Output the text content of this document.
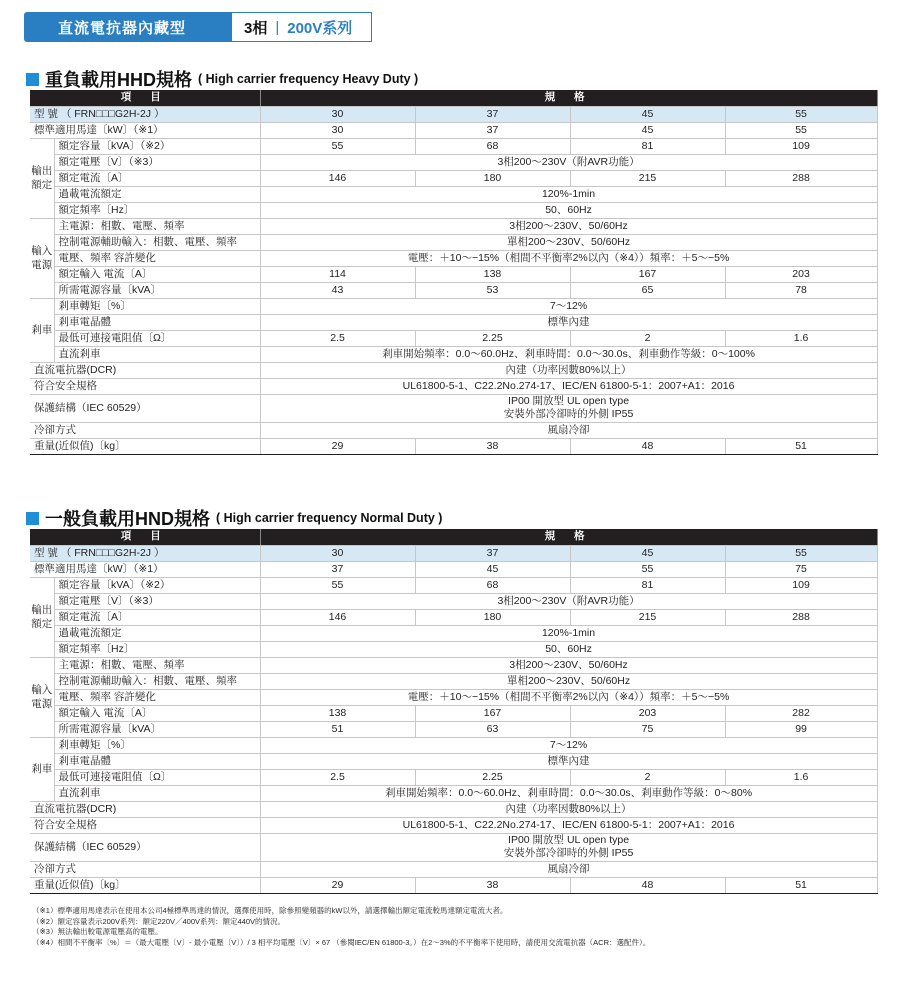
直流電抗器內藏型	3相 | 200V系列
重負載用HHD規格 ( High carrier frequency Heavy Duty )
項 目		規 格			
型 號 （ FRN□□□G2H-2J ）		30	37	45	55
標準適用馬達〔kW〕（※1）		30	37	45	55
輸出額定	額定容量〔kVA〕（※2）	55	68	81	109
	額定電壓〔V〕（※3）	3相200～230V（附AVR功能）			
	額定電流〔A〕	146	180	215	288
	過載電流額定	120%-1min			
	額定頻率〔Hz〕	50、60Hz			
輸入電源	主電源：相數、電壓、頻率	3相200～230V、50/60Hz			
	控制電源輔助輸入：相數、電壓、頻率	單相200～230V、50/60Hz			
	電壓、頻率 容許變化	電壓：＋10～−15%（相間不平衡率2%以內（※4））頻率：＋5～−5%			
	額定輸入 電流〔A〕	114	138	167	203
	所需電源容量〔kVA〕	43	53	65	78
剎車	剎車轉矩〔%〕	7～12%			
	剎車電晶體	標準內建			
	最低可連接電阻值〔Ω〕	2.5	2.25	2	1.6
	直流剎車	剎車開始頻率：0.0～60.0Hz、剎車時間：0.0～30.0s、剎車動作等級：0～100%			
直流電抗器(DCR)		內建（功率因數80%以上）			
符合安全規格		UL61800-5-1、C22.2No.274-17、IEC/EN 61800-5-1：2007+A1：2016			
保護結構（IEC 60529）		IP00 開放型 UL open type
安裝外部冷卻時的外側 IP55			

冷卻方式		風扇冷卻			
重量(近似值)〔kg〕		29	38	48	51
一般負載用HND規格 ( High carrier frequency Normal Duty )
項 目		規 格			
型 號 （ FRN□□□G2H-2J ）		30	37	45	55
標準適用馬達〔kW〕（※1）		37	45	55	75
輸出額定	額定容量〔kVA〕（※2）	55	68	81	109
	額定電壓〔V〕（※3）	3相200～230V（附AVR功能）			
	額定電流〔A〕	146	180	215	288
	過載電流額定	120%-1min			
	額定頻率〔Hz〕	50、60Hz			
輸入電源	主電源：相數、電壓、頻率	3相200～230V、50/60Hz			
	控制電源輔助輸入：相數、電壓、頻率	單相200～230V、50/60Hz			
	電壓、頻率 容許變化	電壓：＋10～−15%（相間不平衡率2%以內（※4））頻率：＋5～−5%			
	額定輸入 電流〔A〕	138	167	203	282
	所需電源容量〔kVA〕	51	63	75	99
剎車	剎車轉矩〔%〕	7～12%			
	剎車電晶體	標準內建			
	最低可連接電阻值〔Ω〕	2.5	2.25	2	1.6
	直流剎車	剎車開始頻率：0.0～60.0Hz、剎車時間：0.0～30.0s、剎車動作等級：0～80%			
直流電抗器(DCR)		內建（功率因數80%以上）			
符合安全規格		UL61800-5-1、C22.2No.274-17、IEC/EN 61800-5-1：2007+A1：2016			
保護結構（IEC 60529）		IP00 開放型 UL open type
安裝外部冷卻時的外側 IP55			

冷卻方式		風扇冷卻			
重量(近似值)〔kg〕		29	38	48	51
（※1）標準適用馬達表示在使用本公司4極標準馬達的情況，選擇使用時，除參照變頻器的kW以外，請選擇輸出額定電流較馬達額定電流大者。
（※2）額定容量表示200V系列：額定220V／400V系列：額定440V的情況。
（※3）無法輸出較電源電壓高的電壓。
（※4）相間不平衡率〔%〕＝（最大電壓〔V〕- 最小電壓〔V〕）/ 3 相平均電壓〔V〕× 67 （參閱IEC/EN 61800-3。）在2～3%的不平衡率下使用時，請使用交流電抗器（ACR：選配件）。
